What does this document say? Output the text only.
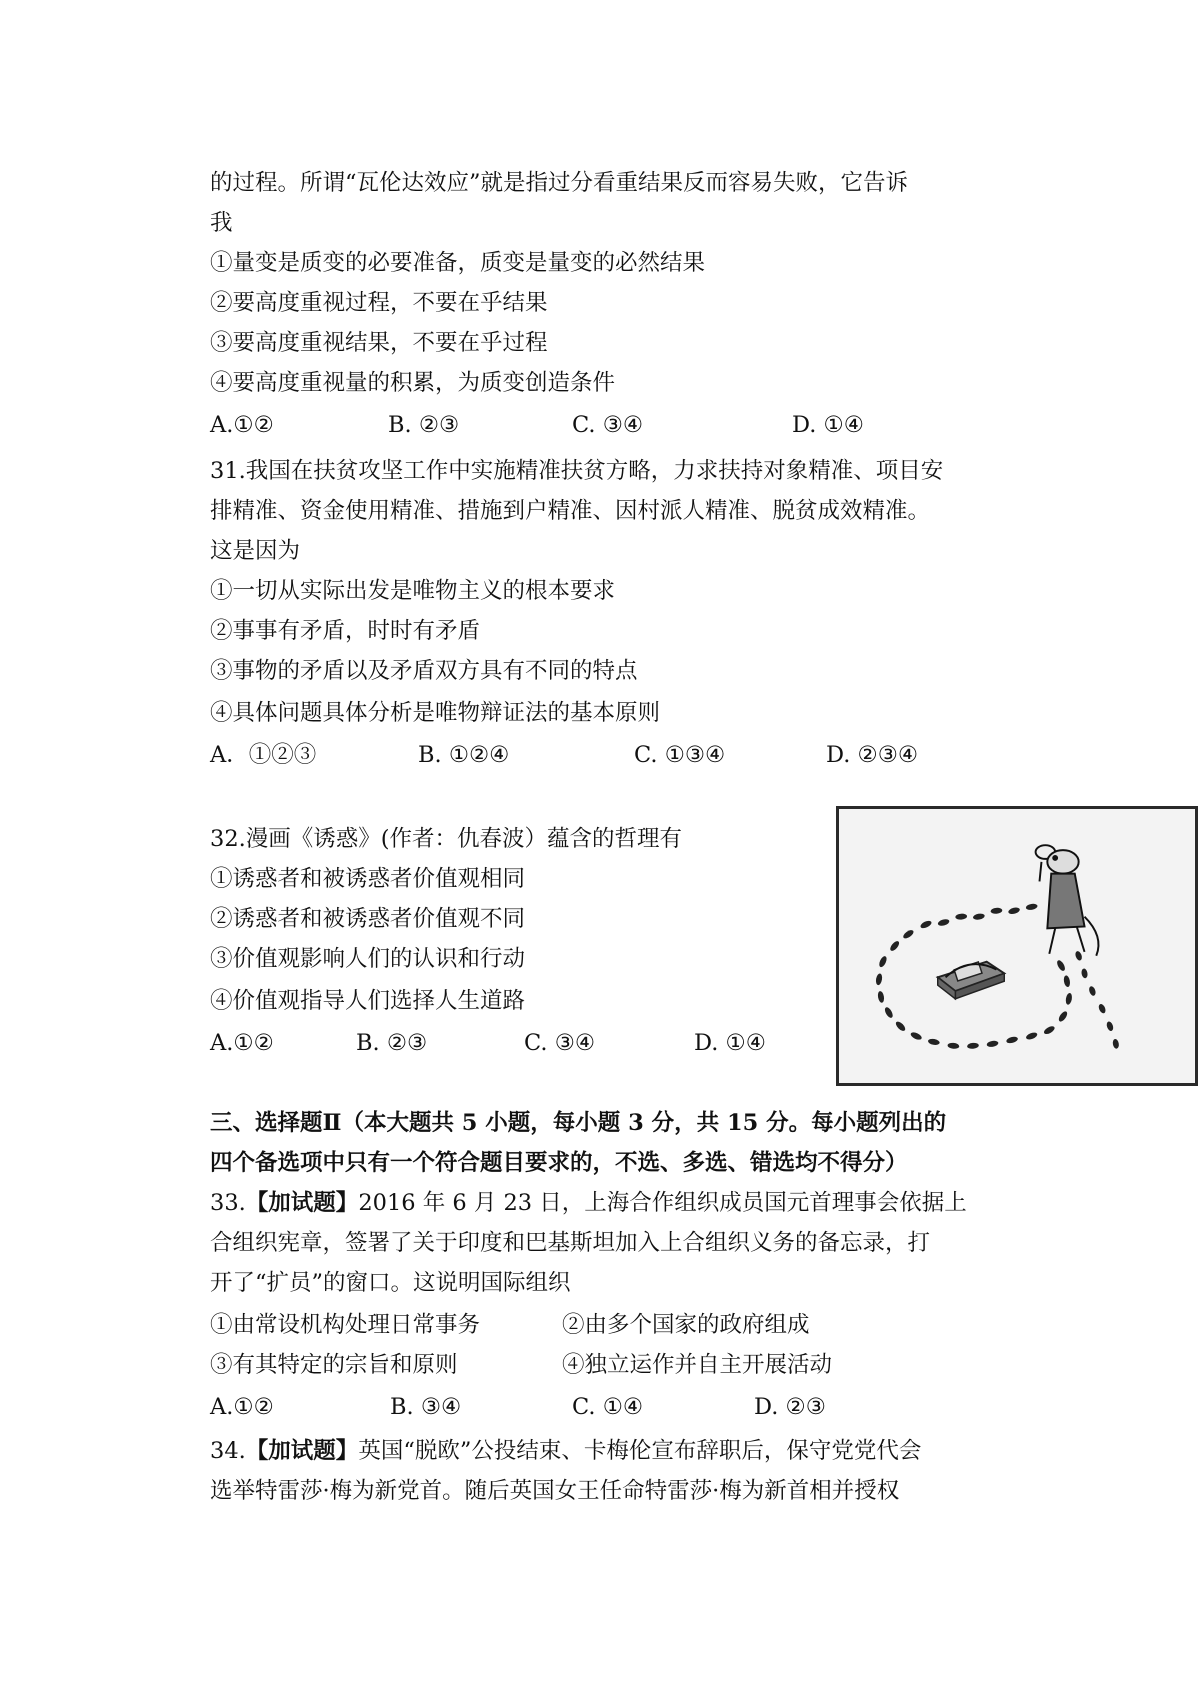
的过程。所谓“瓦伦达效应”就是指过分看重结果反而容易失败，它告诉
我
①量变是质变的必要准备，质变是量变的必然结果
②要高度重视过程，不要在乎结果
③要高度重视结果，不要在乎过程
④要高度重视量的积累，为质变创造条件
A.①②	B. ②③	C. ③④	D. ①④
31.我国在扶贫攻坚工作中实施精准扶贫方略，力求扶持对象精准、项目安
排精准、资金使用精准、措施到户精准、因村派人精准、脱贫成效精准。
这是因为
①一切从实际出发是唯物主义的根本要求
②事事有矛盾，时时有矛盾
③事物的矛盾以及矛盾双方具有不同的特点
④具体问题具体分析是唯物辩证法的基本原则
A．①②③	B. ①②④	C. ①③④	D. ②③④
32.漫画《诱惑》(作者：仇春波）蕴含的哲理有
①诱惑者和被诱惑者价值观相同
②诱惑者和被诱惑者价值观不同
③价值观影响人们的认识和行动
④价值观指导人们选择人生道路
A.①②	B. ②③	C. ③④	D. ①④
三、选择题Ⅱ（本大题共 5 小题，每小题 3 分，共 15 分。每小题列出的
四个备选项中只有一个符合题目要求的，不选、多选、错选均不得分）
33.【加试题】2016 年 6 月 23 日，上海合作组织成员国元首理事会依据上
合组织宪章，签署了关于印度和巴基斯坦加入上合组织义务的备忘录，打
开了“扩员”的窗口。这说明国际组织
①由常设机构处理日常事务	②由多个国家的政府组成
③有其特定的宗旨和原则	④独立运作并自主开展活动
A.①②	B. ③④	C. ①④	D. ②③
34.【加试题】英国“脱欧”公投结束、卡梅伦宣布辞职后，保守党党代会
选举特雷莎·梅为新党首。随后英国女王任命特雷莎·梅为新首相并授权
